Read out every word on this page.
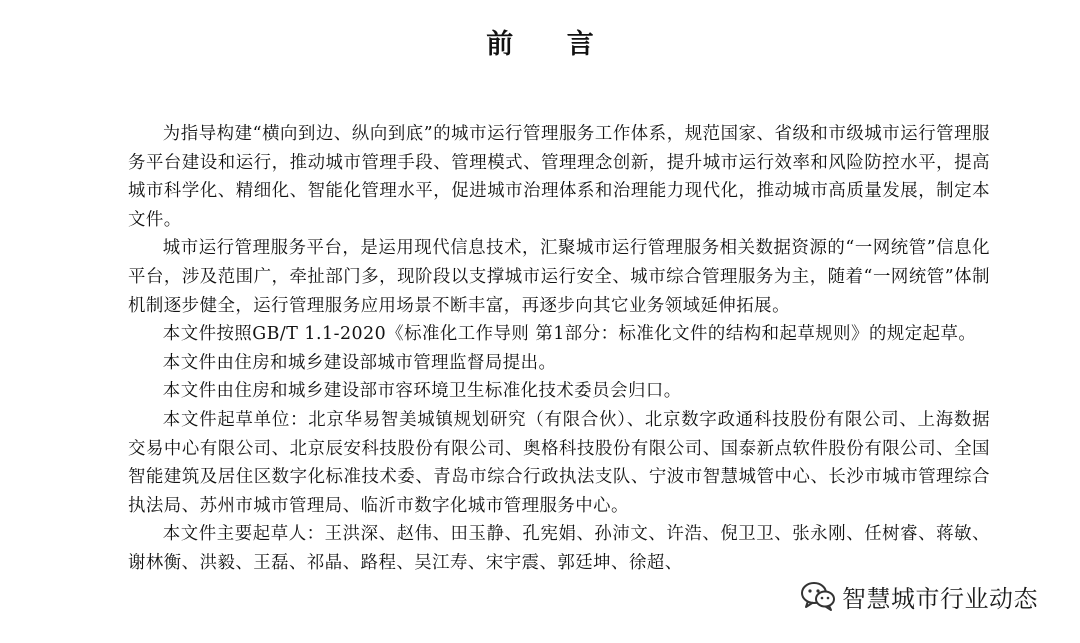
前 言

为指导构建“横向到边、纵向到底”的城市运行管理服务工作体系，规范国家、省级和市级城市运行管理服务平台建设和运行，推动城市管理手段、管理模式、管理理念创新，提升城市运行效率和风险防控水平，提高城市科学化、精细化、智能化管理水平，促进城市治理体系和治理能力现代化，推动城市高质量发展，制定本文件。

城市运行管理服务平台，是运用现代信息技术，汇聚城市运行管理服务相关数据资源的“一网统管”信息化平台，涉及范围广，牵扯部门多，现阶段以支撑城市运行安全、城市综合管理服务为主，随着“一网统管”体制机制逐步健全，运行管理服务应用场景不断丰富，再逐步向其它业务领域延伸拓展。

本文件按照GB/T 1.1-2020《标准化工作导则 第1部分：标准化文件的结构和起草规则》的规定起草。

本文件由住房和城乡建设部城市管理监督局提出。

本文件由住房和城乡建设部市容环境卫生标准化技术委员会归口。

本文件起草单位：北京华易智美城镇规划研究（有限合伙）、北京数字政通科技股份有限公司、上海数据交易中心有限公司、北京辰安科技股份有限公司、奥格科技股份有限公司、国泰新点软件股份有限公司、全国智能建筑及居住区数字化标准技术委、青岛市综合行政执法支队、宁波市智慧城管中心、长沙市城市管理综合执法局、苏州市城市管理局、临沂市数字化城市管理服务中心。

本文件主要起草人：王洪深、赵伟、田玉静、孔宪娟、孙沛文、许浩、倪卫卫、张永刚、任树睿、蒋敏、谢林衡、洪毅、王磊、祁晶、路程、吴江寿、宋宇震、郭廷坤、徐超、

智慧城市行业动态
